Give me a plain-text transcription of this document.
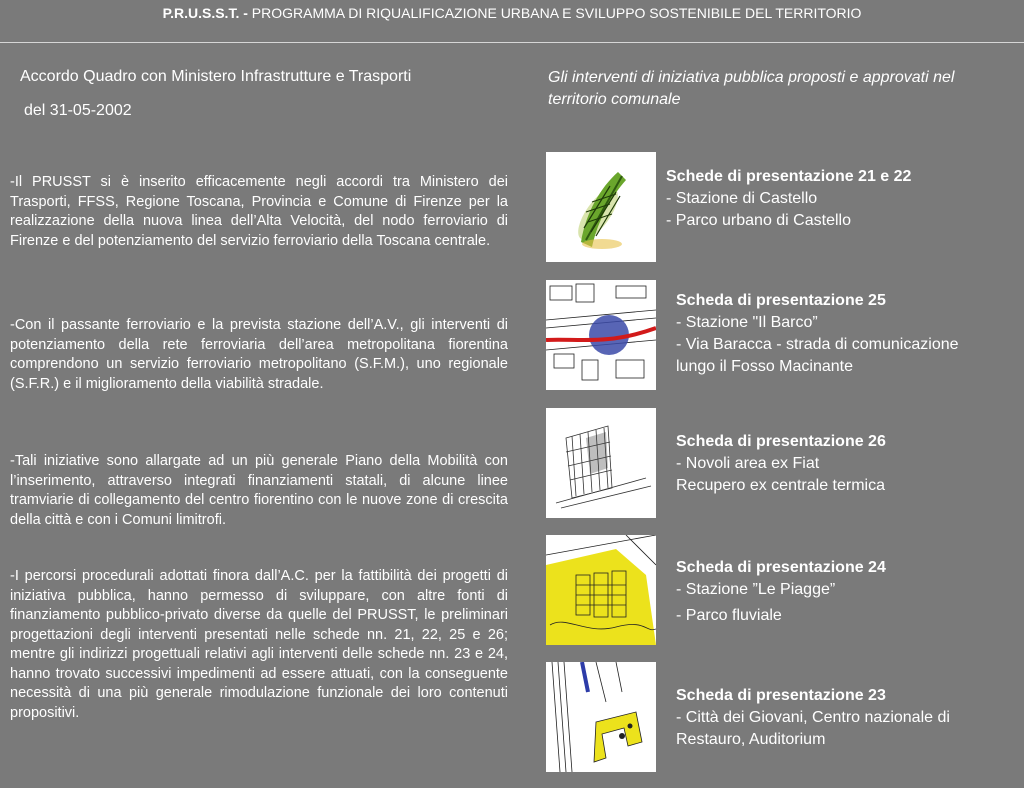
P.R.U.S.S.T. - PROGRAMMA DI RIQUALIFICAZIONE URBANA E SVILUPPO SOSTENIBILE DEL TERRITORIO
Accordo Quadro con Ministero Infrastrutture e Trasporti
del 31-05-2002

-Il PRUSST si è inserito efficacemente negli accordi tra Ministero dei Trasporti, FFSS, Regione Toscana, Provincia e Comune di Firenze per la realizzazione della nuova linea dell’Alta Velocità, del nodo ferroviario di Firenze e del potenziamento del servizio ferroviario della Toscana centrale.

-Con il passante ferroviario e la prevista stazione dell’A.V., gli interventi di potenziamento della rete ferroviaria dell’area metropolitana fiorentina comprendono un servizio ferroviario metropolitano (S.F.M.), uno regionale (S.F.R.) e il miglioramento della viabilità stradale.

-Tali iniziative sono allargate ad un più generale Piano della Mobilità con l’inserimento, attraverso integrati finanziamenti statali, di alcune linee tramviarie di collegamento del centro fiorentino con le nuove zone di crescita della città e con i Comuni limitrofi.

-I percorsi procedurali adottati finora dall’A.C. per la fattibilità dei progetti di iniziativa pubblica, hanno permesso di sviluppare, con altre fonti di finanziamento pubblico-privato diverse da quelle del PRUSST, le preliminari progettazioni degli interventi presentati nelle schede nn. 21, 22, 25 e 26; mentre gli indirizzi progettuali relativi agli interventi delle schede nn. 23 e 24, hanno trovato successivi impedimenti ad essere attuati, con la conseguente necessità di una più generale rimodulazione funzionale dei loro contenuti propositivi.

Gli interventi di iniziativa pubblica proposti e approvati nel territorio comunale
Schede di presentazione 21 e 22
- Stazione di Castello
- Parco urbano di Castello
Scheda di presentazione 25
- Stazione "Il Barco”
- Via Baracca - strada di comunicazione
lungo il Fosso Macinante
Scheda di presentazione 26
- Novoli area ex Fiat
Recupero ex centrale termica
Scheda di presentazione 24
- Stazione ”Le Piagge”
- Parco fluviale
Scheda di presentazione 23
- Città dei Giovani, Centro nazionale di
Restauro, Auditorium
